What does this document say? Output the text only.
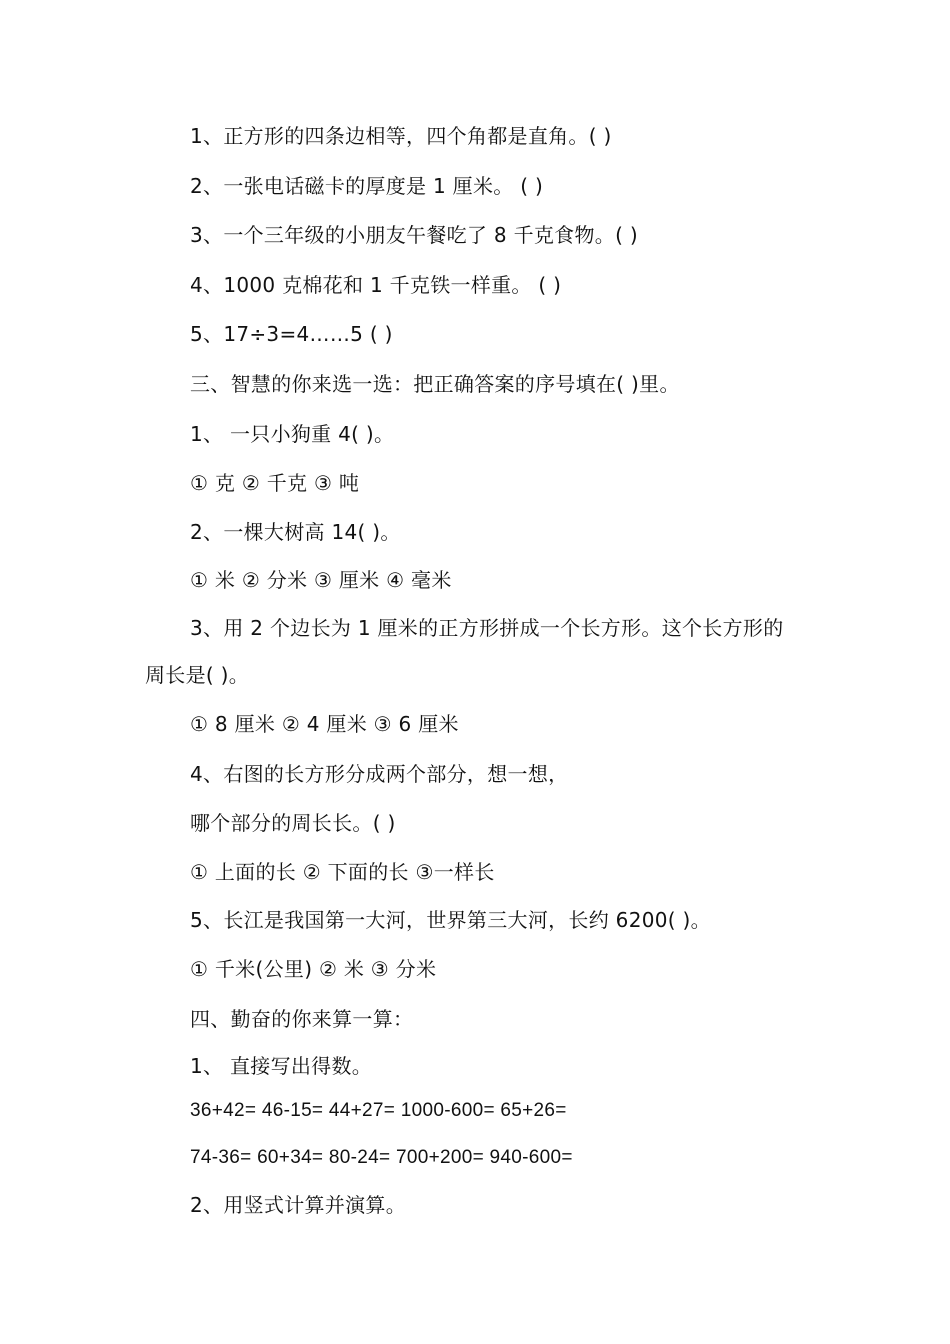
1、正方形的四条边相等，四个角都是直角。( )

2、一张电话磁卡的厚度是 1 厘米。 ( )

3、一个三年级的小朋友午餐吃了 8 千克食物。( )

4、1000 克棉花和 1 千克铁一样重。 ( )

5、17÷3=4……5 ( )

三、智慧的你来选一选：把正确答案的序号填在( )里。

1、 一只小狗重 4( )。

① 克 ② 千克 ③ 吨

2、一棵大树高 14( )。

① 米 ② 分米 ③ 厘米 ④ 毫米

3、用 2 个边长为 1 厘米的正方形拼成一个长方形。这个长方形的

周长是( )。

① 8 厘米 ② 4 厘米 ③ 6 厘米

4、右图的长方形分成两个部分，想一想，

哪个部分的周长长。( )

① 上面的长 ② 下面的长 ③一样长

5、长江是我国第一大河，世界第三大河，长约 6200( )。

① 千米(公里) ② 米 ③ 分米

四、勤奋的你来算一算：

1、 直接写出得数。

36+42= 46-15= 44+27= 1000-600= 65+26=

74-36= 60+34= 80-24= 700+200= 940-600=

2、用竖式计算并演算。
